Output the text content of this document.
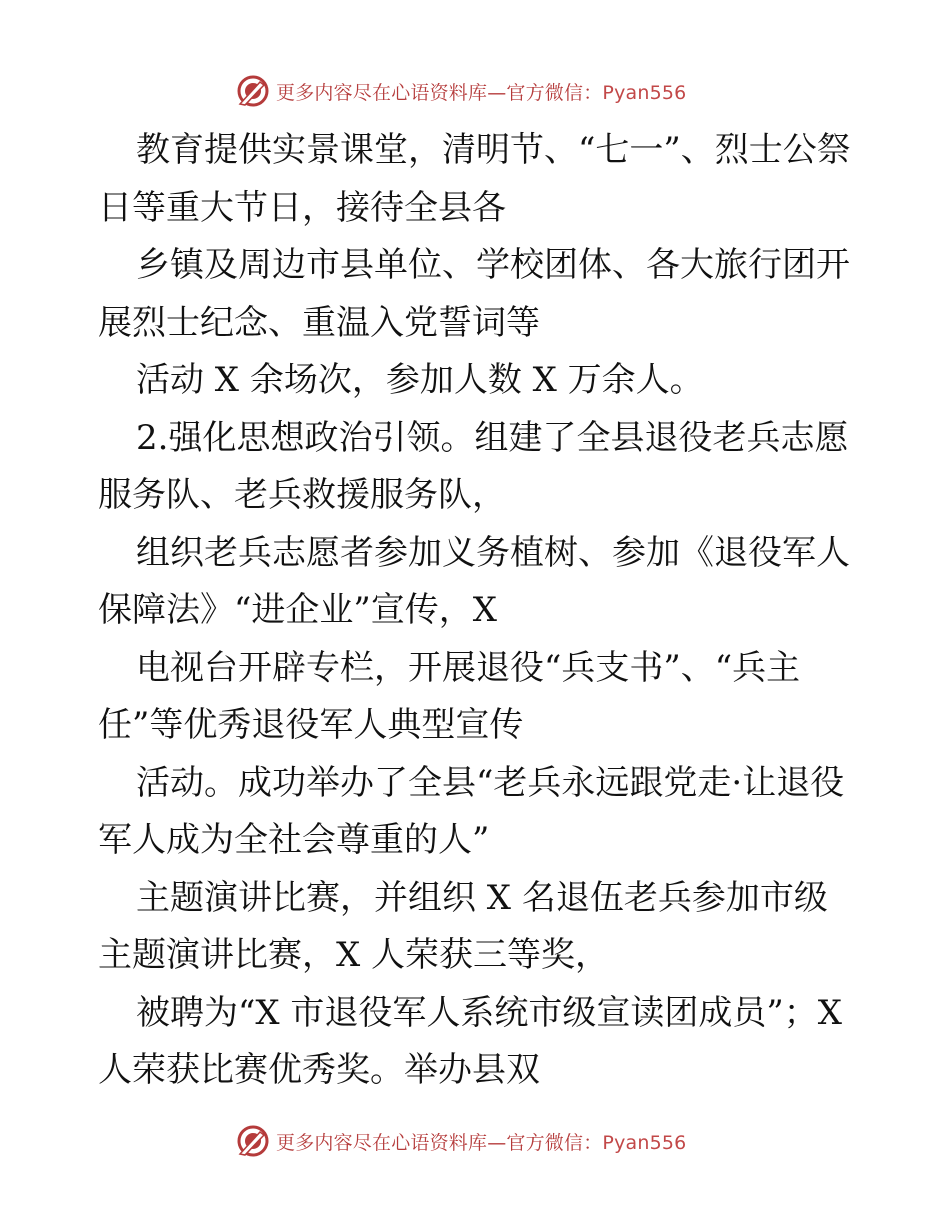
更多内容尽在心语资料库—官方微信：Pyan556

教育提供实景课堂，清明节、“七一”、烈士公祭日等重大节日，接待全县各

乡镇及周边市县单位、学校团体、各大旅行团开展烈士纪念、重温入党誓词等

活动 X 余场次，参加人数 X 万余人。

2.强化思想政治引领。组建了全县退役老兵志愿服务队、老兵救援服务队，

组织老兵志愿者参加义务植树、参加《退役军人保障法》“进企业”宣传，X

电视台开辟专栏，开展退役“兵支书”、“兵主任”等优秀退役军人典型宣传

活动。成功举办了全县“老兵永远跟党走·让退役军人成为全社会尊重的人”

主题演讲比赛，并组织 X 名退伍老兵参加市级主题演讲比赛，X 人荣获三等奖，

被聘为“X 市退役军人系统市级宣读团成员”；X 人荣获比赛优秀奖。举办县双

更多内容尽在心语资料库—官方微信：Pyan556
